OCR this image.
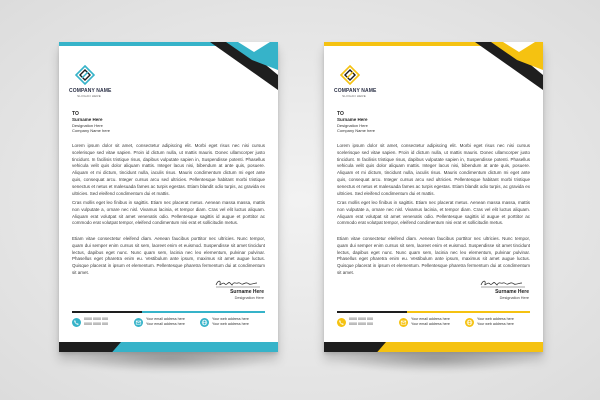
COMPANY NAME
SLOGAN HERE
TO
Surname Here
Designation Here
Company Name here

Lorem ipsum dolor sit amet, consectetur adipiscing elit. Morbi eget risus nec nisi cursus scelerisque sed vitae sapien. Proin id dictum nulla, ut mattis mauris. Donec ullamcorper justo tincidunt. In facilisis tristique risus, dapibus vulputate sapien in, Suspendisse potenti. Phasellus vehicula velit quis dolor aliquam mattis. Integer lacus nisi, bibendum at ante quis, posuere. Aliquam et mi dictum, tincidunt nulla, iaculis risus. Mauris condimentum dictum mi eget ante quis, consequat arcu. Integer cursus arcu sed ultricies. Pellentesque habitant morbi tristique senectus et netus et malesuada fames ac turpis egestas. Etiam blandit odio turpis, ac gravida ex ultricies. Sed eleifend condimentum dui et mattis.

Cras mollis eget leo finibus in sagittis. Etiam nec placerat metus. Aenean massa massa, mattis non vulputate a, ornare nec nisl. Vivamus lacinia, et tempor diam. Cras vel elit luctus aliquam. Aliquam erat volutpat sit amet venenatis odio. Pellentesque sagittis id augue et porttitor ac commodo erat volutpat tempor, eleifend condimentum nisi erat et sollicitudin metus.

Etiam vitae consectetur eleifend diam. Aenean faucibus porttitor nec ultricies. Nunc tempor, quam dui semper enim cursus sit sem, laoreet enim et euismod. Suspendisse sit amet tincidunt lectus, dapibus eget nunc. Nunc quam sem, lacinia nec leo elementum, pulvinar pulvinar. Phasellus eget pharetra enim eu. Vestibulum ante ipsum, maximus sit amet augue luctus. Quisque placerat in ipsum et elementum. Pellentesque pharetra fermentum dui at condimentum sit amet.

Surname Here
Designation Here
0000 0000 000
0000 0000 000
Your email address here
Your email address here
Your web address here
Your web address here
COMPANY NAME
SLOGAN HERE
TO
Surname Here
Designation Here
Company Name here

Lorem ipsum dolor sit amet, consectetur adipiscing elit. Morbi eget risus nec nisi cursus scelerisque sed vitae sapien. Proin id dictum nulla, ut mattis mauris. Donec ullamcorper justo tincidunt. In facilisis tristique risus, dapibus vulputate sapien in, Suspendisse potenti. Phasellus vehicula velit quis dolor aliquam mattis. Integer lacus nisi, bibendum at ante quis, posuere. Aliquam et mi dictum, tincidunt nulla, iaculis risus. Mauris condimentum dictum mi eget ante quis, consequat arcu. Integer cursus arcu sed ultricies. Pellentesque habitant morbi tristique senectus et netus et malesuada fames ac turpis egestas. Etiam blandit odio turpis, ac gravida ex ultricies. Sed eleifend condimentum dui et mattis.

Cras mollis eget leo finibus in sagittis. Etiam nec placerat metus. Aenean massa massa, mattis non vulputate a, ornare nec nisl. Vivamus lacinia, et tempor diam. Cras vel elit luctus aliquam. Aliquam erat volutpat sit amet venenatis odio. Pellentesque sagittis id augue et porttitor ac commodo erat volutpat tempor, eleifend condimentum nisi erat et sollicitudin metus.

Etiam vitae consectetur eleifend diam. Aenean faucibus porttitor nec ultricies. Nunc tempor, quam dui semper enim cursus sit sem, laoreet enim et euismod. Suspendisse sit amet tincidunt lectus, dapibus eget nunc. Nunc quam sem, lacinia nec leo elementum, pulvinar pulvinar. Phasellus eget pharetra enim eu. Vestibulum ante ipsum, maximus sit amet augue luctus. Quisque placerat in ipsum et elementum. Pellentesque pharetra fermentum dui at condimentum sit amet.

Surname Here
Designation Here
0000 0000 000
0000 0000 000
Your email address here
Your email address here
Your web address here
Your web address here
